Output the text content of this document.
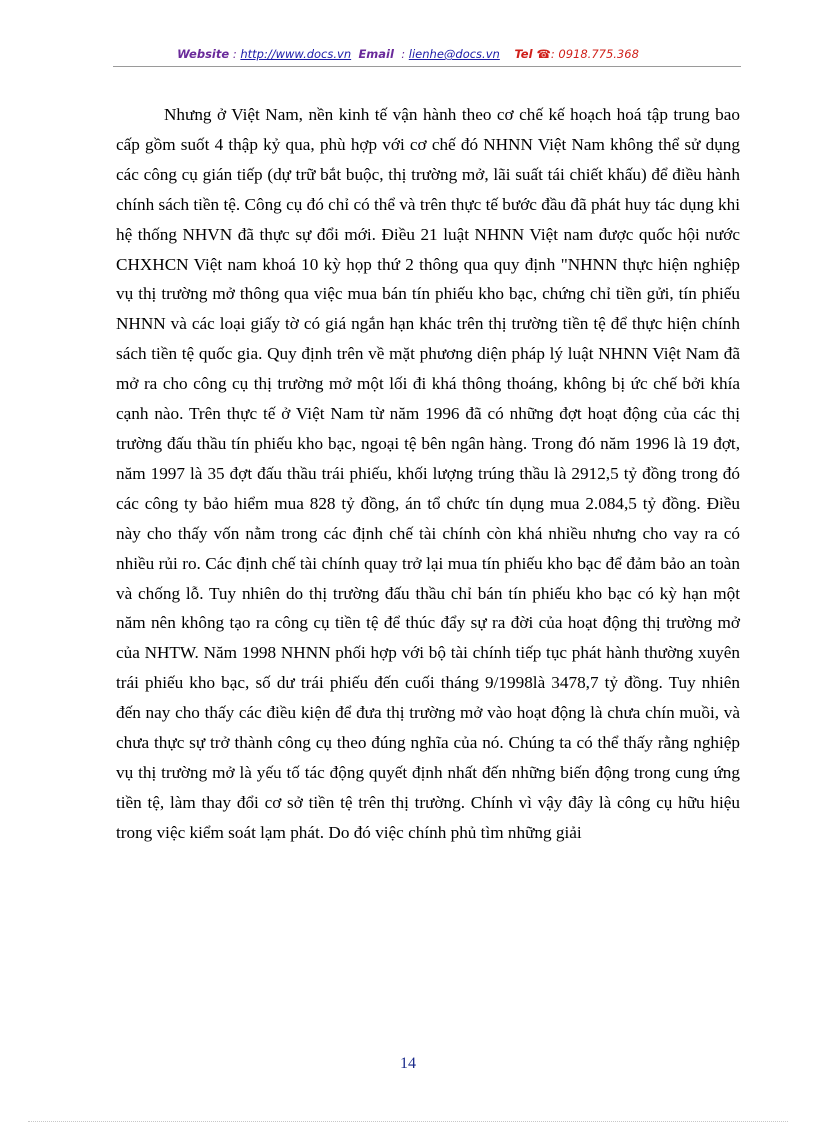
Website : http://www.docs.vn Email  : lienhe@docs.vn Tel ☎: 0918.775.368

Nhưng ở Việt Nam, nền kinh tế vận hành theo cơ chế kế hoạch hoá tập trung bao cấp gồm suốt 4 thập kỷ qua, phù hợp với cơ chế đó NHNN Việt Nam không thể sử dụng các công cụ gián tiếp (dự trữ bắt buộc, thị trường mở, lãi suất tái chiết khấu) để điều hành chính sách tiền tệ. Công cụ đó chỉ có thể và trên thực tế bước đầu đã phát huy tác dụng khi hệ thống NHVN đã thực sự đổi mới. Điều 21 luật NHNN Việt nam được quốc hội nước CHXHCN Việt nam khoá 10 kỳ họp thứ 2 thông qua quy định "NHNN thực hiện nghiệp vụ thị trường mở thông qua việc mua bán tín phiếu kho bạc, chứng chỉ tiền gửi, tín phiếu NHNN và các loại giấy tờ có giá ngắn hạn khác trên thị trường tiền tệ để thực hiện chính sách tiền tệ quốc gia. Quy định trên về mặt phương diện pháp lý luật NHNN Việt Nam đã mở ra cho công cụ thị trường mở một lối đi khá thông thoáng, không bị ức chế bởi khía cạnh nào. Trên thực tế ở Việt Nam từ năm 1996 đã có những đợt hoạt động của các thị trường đấu thầu tín phiếu kho bạc, ngoại tệ bên ngân hàng. Trong đó năm 1996 là 19 đợt, năm 1997 là 35 đợt đấu thầu trái phiếu, khối lượng trúng thầu là 2912,5 tỷ đồng trong đó các công ty bảo hiểm mua 828 tỷ đồng, án tổ chức tín dụng mua 2.084,5 tỷ đồng. Điều này cho thấy vốn nằm trong các định chế tài chính còn khá nhiều nhưng cho vay ra có nhiều rủi ro. Các định chế tài chính quay trở lại mua tín phiếu kho bạc để đảm bảo an toàn và chống lỗ. Tuy nhiên do thị trường đấu thầu chỉ bán tín phiếu kho bạc có kỳ hạn một năm nên không tạo ra công cụ tiền tệ để thúc đẩy sự ra đời của hoạt động thị trường mở của NHTW. Năm 1998 NHNN phối hợp với bộ tài chính tiếp tục phát hành thường xuyên trái phiếu kho bạc, số dư trái phiếu đến cuối tháng 9/1998là 3478,7 tỷ đồng. Tuy nhiên đến nay cho thấy các điều kiện để đưa thị trường mở vào hoạt động là chưa chín muồi, và chưa thực sự trở thành công cụ theo đúng nghĩa của nó. Chúng ta có thể thấy rằng nghiệp vụ thị trường mở là yếu tố tác động quyết định nhất đến những biến động trong cung ứng tiền tệ, làm thay đổi cơ sở tiền tệ trên thị trường. Chính vì vậy đây là công cụ hữu hiệu trong việc kiểm soát lạm phát. Do đó việc chính phủ tìm những giải

14
